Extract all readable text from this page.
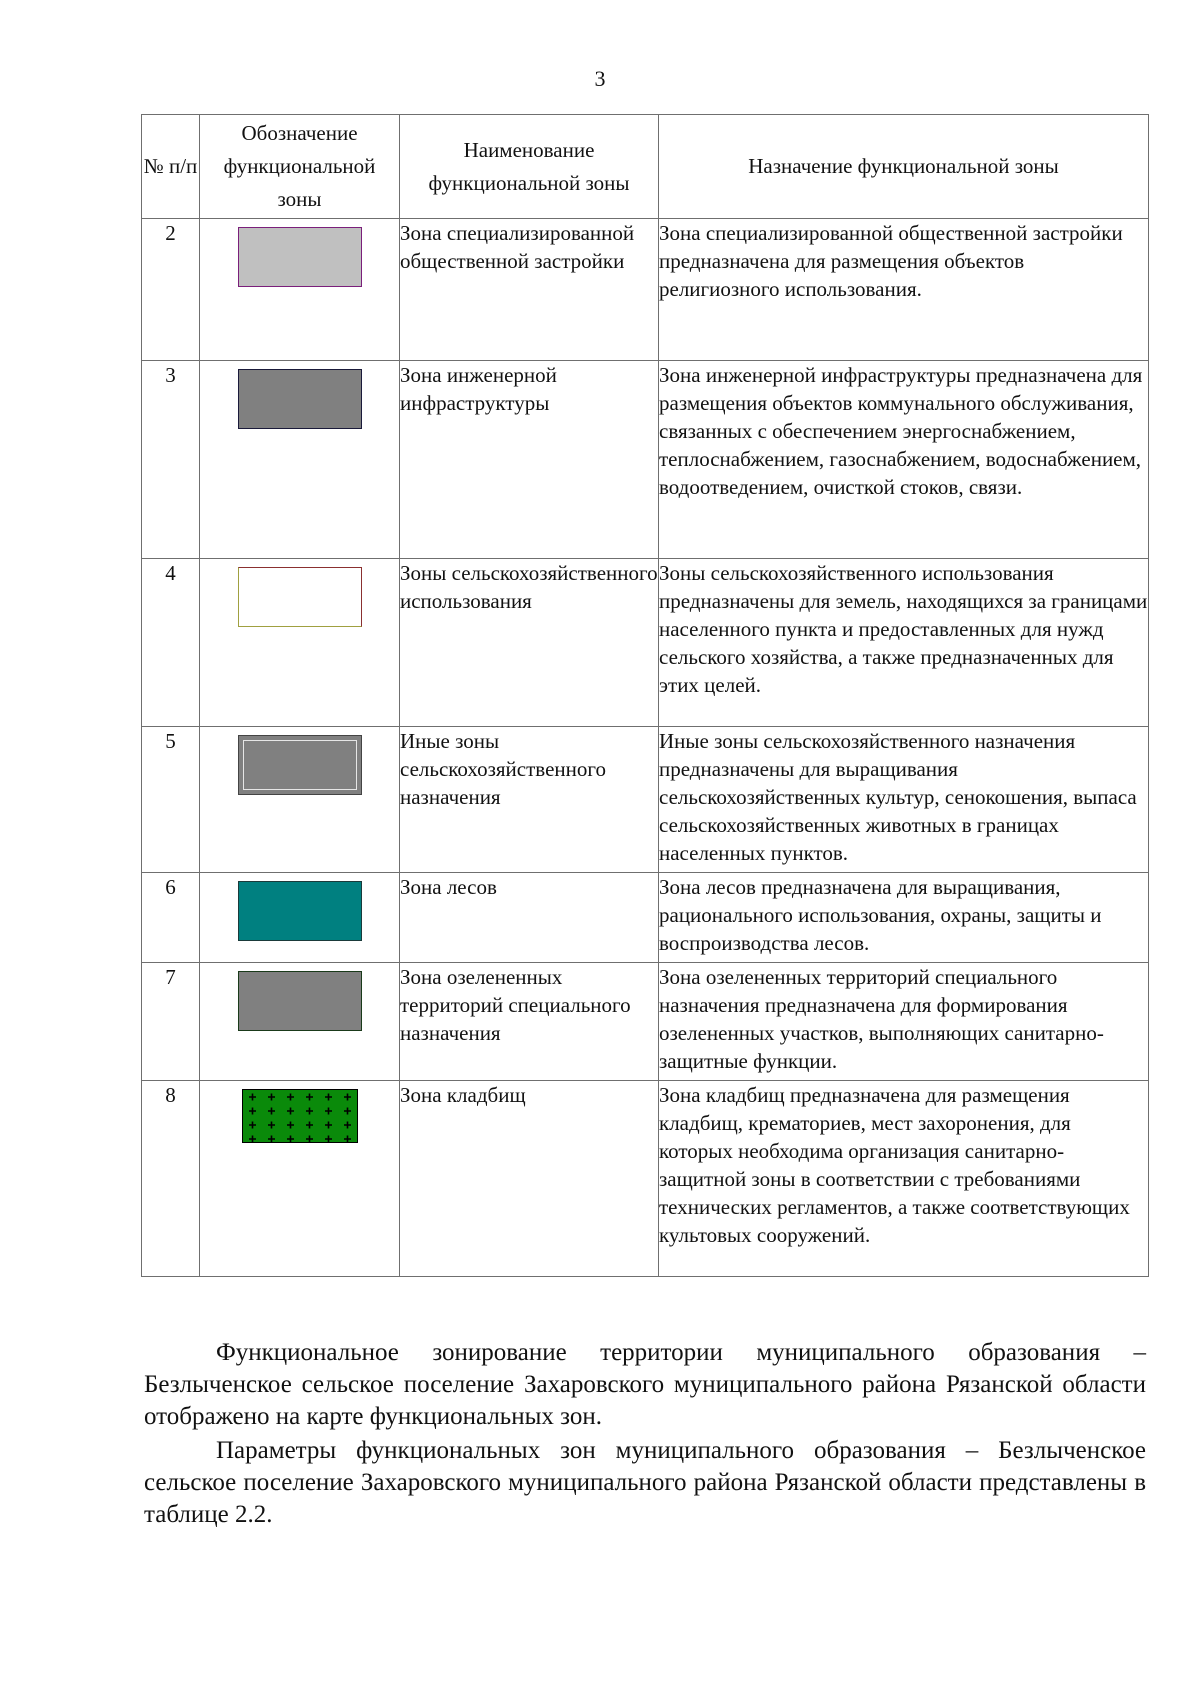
3
№ п/п	Обозначение функциональной зоны	Наименование функциональной зоны	Назначение функциональной зоны
2		Зона специализированной общественной застройки	Зона специализированной общественной застройки предназначена для размещения объектов религиозного использования.
3		Зона инженерной инфраструктуры	Зона инженерной инфраструктуры предназначена для размещения объектов коммунального обслуживания, связанных с обеспечением энергоснабжением, теплоснабжением, газоснабжением, водоснабжением, водоотведением, очисткой стоков, связи.
4		Зоны сельскохозяйственного использования	Зоны сельскохозяйственного использования предназначены для земель, находящихся за границами населенного пункта и предоставленных для нужд сельского хозяйства, а также предназначенных для этих целей.
5		Иные зоны сельскохозяйственного назначения	Иные зоны сельскохозяйственного назначения предназначены для выращивания сельскохозяйственных культур, сенокошения, выпаса сельскохозяйственных животных в границах населенных пунктов.
6		Зона лесов	Зона лесов предназначена для выращивания, рационального использования, охраны, защиты и воспроизводства лесов.
7		Зона озелененных территорий специального назначения	Зона озелененных территорий специального назначения предназначена для формирования озелененных участков, выполняющих санитарно-защитные функции.
8		Зона кладбищ	Зона кладбищ предназначена для размещения кладбищ, крематориев, мест захоронения, для которых необходима организация санитарно-защитной зоны в соответствии с требованиями технических регламентов, а также соответствующих культовых сооружений.

Функциональное зонирование территории муниципального образования – Безлыченское сельское поселение Захаровского муниципального района Рязанской области отображено на карте функциональных зон.

Параметры функциональных зон муниципального образования – Безлыченское сельское поселение Захаровского муниципального района Рязанской области представлены в таблице 2.2.
